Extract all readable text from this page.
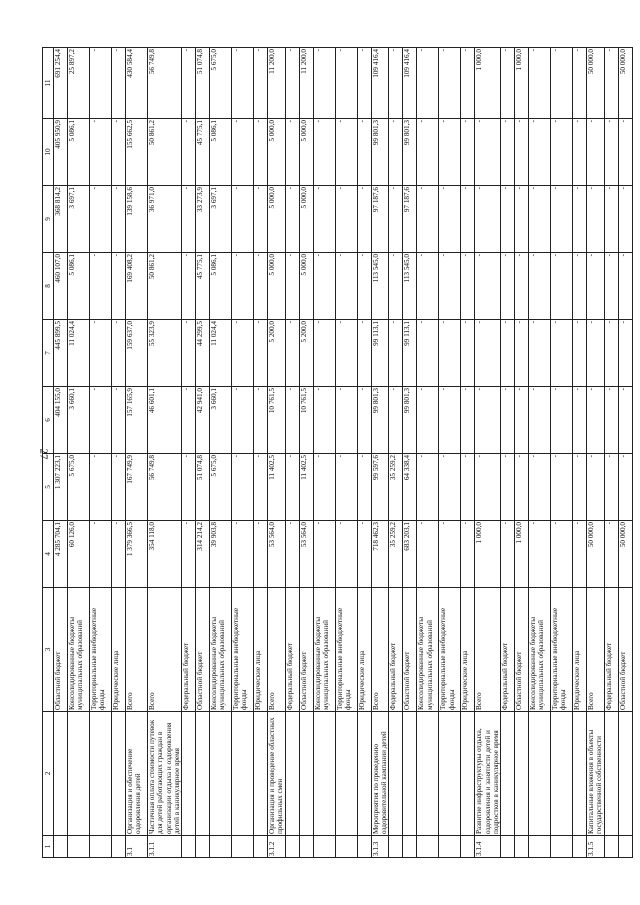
27
1	2	3	4	5	6	7	8	9	10	11
		Областной бюджет	4 285 704,1	1 307 223,1	404 155,0	445 899,5	460 107,0	368 814,2	405 950,9	691 254,4
		Консолидированные бюджеты муниципальных образований	60 126,0	5 675,0	3 660,1	11 024,4	5 086,1	3 697,1	5 086,1	25 897,2
		Территориальные внебюджетные фонды	-	-	-	-	-	-	-	-
		Юридические лица	-	-	-	-	-	-	-	-
3.1	Организация и обеспечение оздоровления детей	Всего	1 379 366,5	167 749,9	157 165,9	159 637,0	169 408,2	139 158,6	155 662,5	430 584,4
3.1.1	Частичная оплата стоимости путевок для детей работающих граждан в организации отдыха и оздоровления детей в каникулярное время	Всего	354 118,0	56 749,8	46 601,1	55 323,9	50 861,2	36 971,0	50 861,2	56 749,8
		Федеральный бюджет	-	-	-	-	-	-	-	-
		Областной бюджет	314 214,2	51 074,8	42 941,0	44 299,5	45 775,1	33 273,9	45 775,1	51 074,8
		Консолидированные бюджеты муниципальных образований	39 903,8	5 675,0	3 660,1	11 024,4	5 086,1	3 697,1	5 086,1	5 675,0
		Территориальные внебюджетные фонды	-	-	-	-	-	-	-	-
		Юридические лица	-	-	-	-	-	-	-	-
3.1.2	Организация и проведение областных профильных смен	Всего	53 564,0	11 402,5	10 761,5	5 200,0	5 000,0	5 000,0	5 000,0	11 200,0
		Федеральный бюджет	-	-	-	-	-	-	-	-
		Областной бюджет	53 564,0	11 402,5	10 761,5	5 200,0	5 000,0	5 000,0	5 000,0	11 200,0
		Консолидированные бюджеты муниципальных образований	-	-	-	-	-	-	-	-
		Территориальные внебюджетные фонды	-	-	-	-	-	-	-	-
		Юридические лица	-	-	-	-	-	-	-	-
3.1.3	Мероприятия по проведению оздоровительной кампании детей	Всего	718 462,3	99 597,6	99 801,3	99 113,1	113 545,0	97 187,6	99 801,3	109 416,4
		Федеральный бюджет	35 259,2	35 259,2	-	-	-	-	-	-
		Областной бюджет	683 203,1	64 338,4	99 801,3	99 113,1	113 545,0	97 187,6	99 801,3	109 416,4
		Консолидированные бюджеты муниципальных образований	-	-	-	-	-	-	-	-
		Территориальные внебюджетные фонды	-	-	-	-	-	-	-	-
		Юридические лица	-	-	-	-	-	-	-	-
3.1.4	Развитие инфраструктуры отдыха, оздоровления и занятости детей и подростков в каникулярное время	Всего	1 000,0	-	-	-	-	-	-	1 000,0
		Федеральный бюджет	-	-	-	-	-	-	-	-
		Областной бюджет	1 000,0	-	-	-	-	-	-	1 000,0
		Консолидированные бюджеты муниципальных образований	-	-	-	-	-	-	-	-
		Территориальные внебюджетные фонды	-	-	-	-	-	-	-	-
		Юридические лица	-	-	-	-	-	-	-	-
3.1.5	Капитальные вложения в объекты государственной собственности	Всего	50 000,0	-	-	-	-	-	-	50 000,0
		Федеральный бюджет	-	-	-	-	-	-	-	-
		Областной бюджет	50 000,0	-	-	-	-	-	-	50 000,0
